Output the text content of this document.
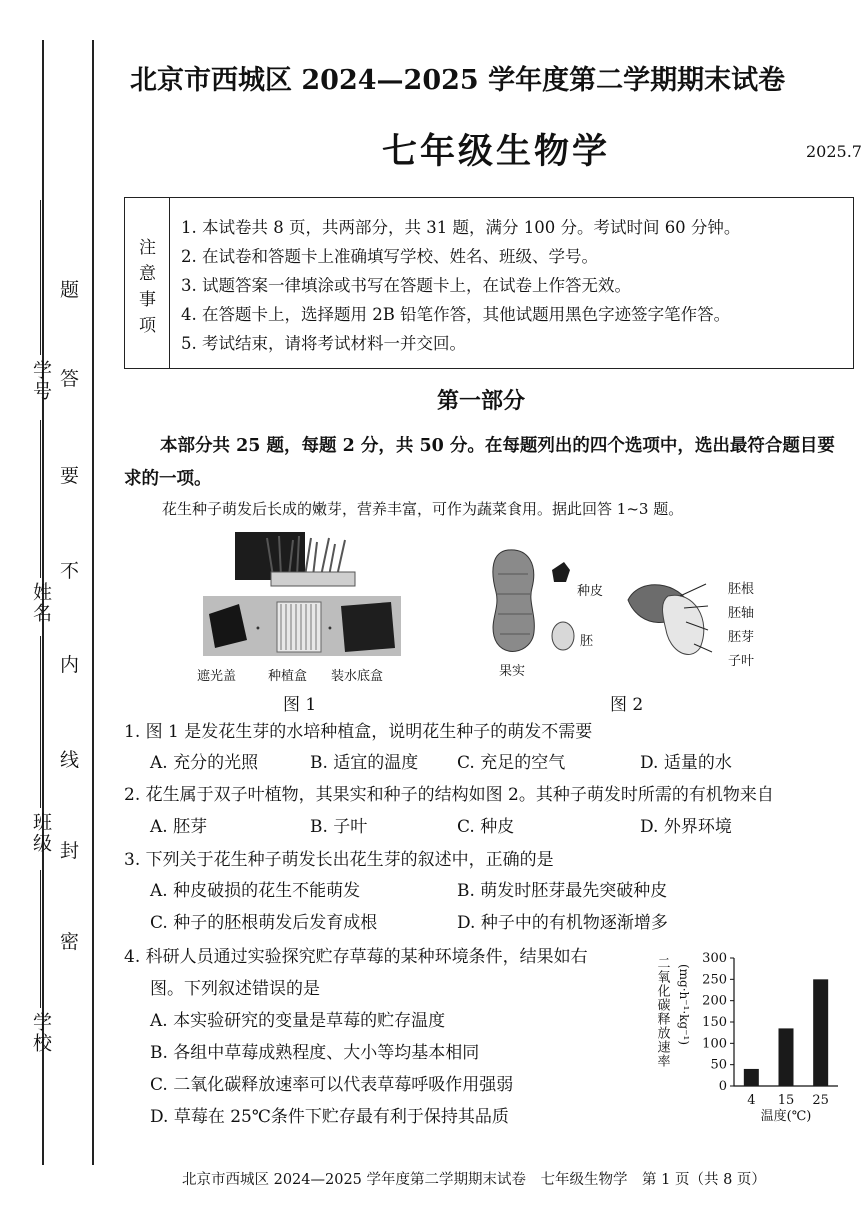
学号
姓名
班级
学校
题
答
要
不
内
线
封
密
北京市西城区 2024—2025 学年度第二学期期末试卷
七年级生物学	2025.7
注
意
事
项
1. 本试卷共 8 页，共两部分，共 31 题，满分 100 分。考试时间 60 分钟。
2. 在试卷和答题卡上准确填写学校、姓名、班级、学号。
3. 试题答案一律填涂或书写在答题卡上，在试卷上作答无效。
4. 在答题卡上，选择题用 2B 铅笔作答，其他试题用黑色字迹签字笔作答。
5. 考试结束，请将考试材料一并交回。
第一部分
本部分共 25 题，每题 2 分，共 50 分。在每题列出的四个选项中，选出最符合题目要
求的一项。
花生种子萌发后长成的嫩芽，营养丰富，可作为蔬菜食用。据此回答 1~3 题。
•	•
遮光盖 种植盒 装水底盒
图 1
种皮
胚
果实
胚根
胚轴
胚芽
子叶
图 2
1. 图 1 是发花生芽的水培种植盒，说明花生种子的萌发不需要
A. 充分的光照	B. 适宜的温度 C. 充足的空气	D. 适量的水
2. 花生属于双子叶植物，其果实和种子的结构如图 2。其种子萌发时所需的有机物来自
A. 胚芽	B. 子叶	C. 种皮	D. 外界环境
3. 下列关于花生种子萌发长出花生芽的叙述中，正确的是
A. 种皮破损的花生不能萌发	B. 萌发时胚芽最先突破种皮
C. 种子的胚根萌发后发育成根	D. 种子中的有机物逐渐增多
4. 科研人员通过实验探究贮存草莓的某种环境条件，结果如右
图。下列叙述错误的是
A. 本实验研究的变量是草莓的贮存温度
B. 各组中草莓成熟程度、大小等均基本相同
C. 二氧化碳释放速率可以代表草莓呼吸作用强弱
D. 草莓在 25℃条件下贮存最有利于保持其品质
二氧化碳释放速率 (mg·h⁻¹·kg⁻¹)
0
50
100
150
200
250
300
4 15 25
温度(℃)
北京市西城区 2024—2025 学年度第二学期期末试卷　七年级生物学　第 1 页（共 8 页）
